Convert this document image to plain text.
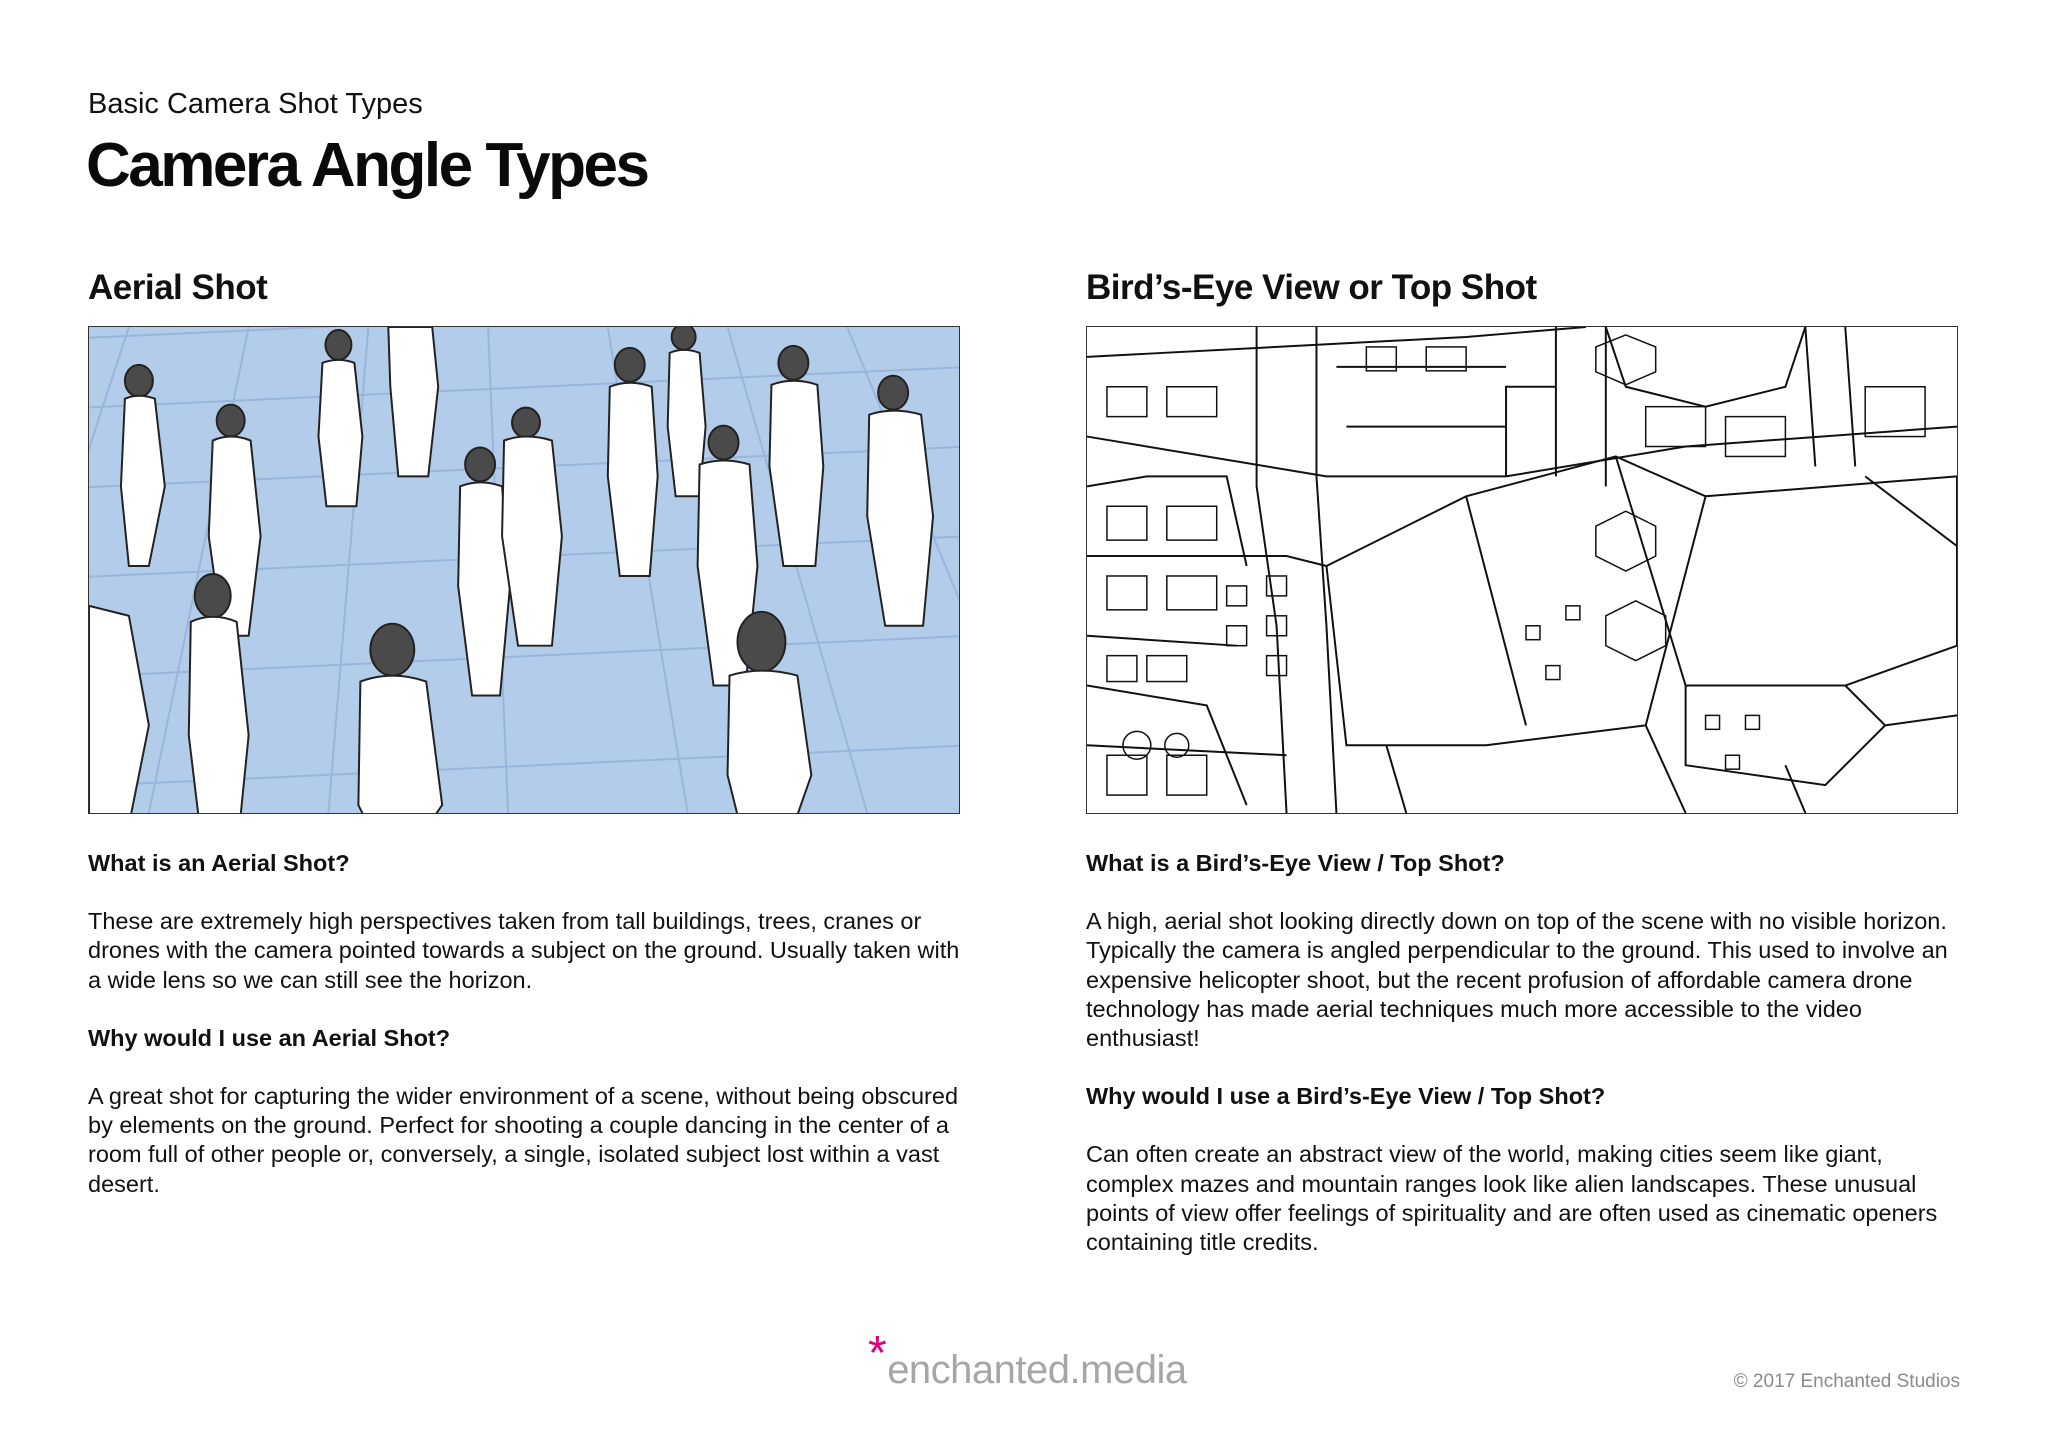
Basic Camera Shot Types
Camera Angle Types
Aerial Shot

What is an Aerial Shot?

These are extremely high perspectives taken from tall buildings, trees, cranes or drones with the camera pointed towards a subject on the ground. Usually taken with a wide lens so we can still see the horizon.

Why would I use an Aerial Shot?

A great shot for capturing the wider environment of a scene, without being obscured by elements on the ground. Perfect for shooting a couple dancing in the center of a room full of other people or, conversely, a single, isolated subject lost within a vast desert.

Bird’s-Eye View or Top Shot

What is a Bird’s-Eye View / Top Shot?

A high, aerial shot looking directly down on top of the scene with no visible horizon. Typically the camera is angled perpendicular to the ground. This used to involve an expensive helicopter shoot, but the recent profusion of affordable camera drone technology has made aerial techniques much more accessible to the video enthusiast!

Why would I use a Bird’s-Eye View / Top Shot?

Can often create an abstract view of the world, making cities seem like giant, complex mazes and mountain ranges look like alien landscapes. These unusual points of view offer feelings of spirituality and are often used as cinematic openers containing title credits.

*enchanted.media	© 2017 Enchanted Studios
